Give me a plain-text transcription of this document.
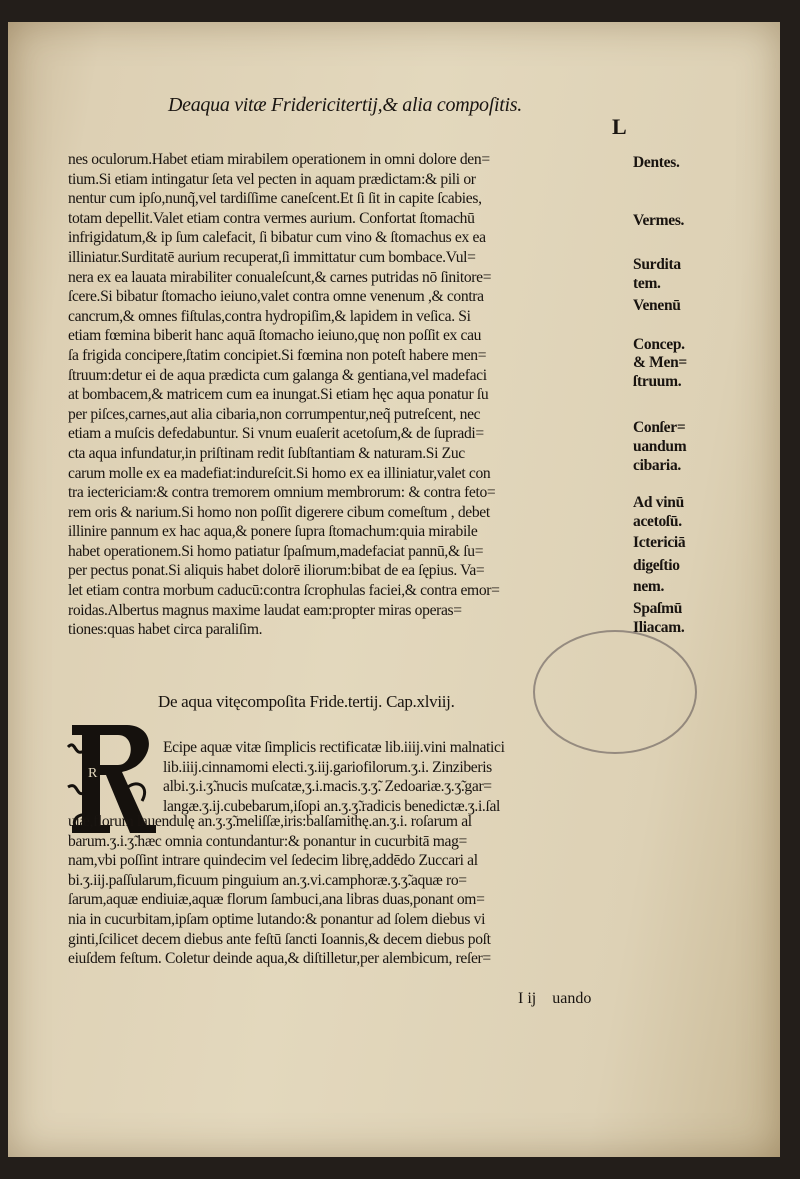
Deaqua vitæ Fridericitertij,& alia compoſitis.
L
nes oculorum.Habet etiam mirabilem operationem in omni dolore den=
tium.Si etiam intingatur ſeta vel pecten in aquam prædictam:& pili or
nentur cum ipſo,nunq̃,vel tardiſſime caneſcent.Et ſi ſit in capite ſcabies,
totam depellit.Valet etiam contra vermes aurium. Confortat ſtomachū
infrigidatum,& ip ſum calefacit, ſi bibatur cum vino & ſtomachus ex ea
illiniatur.Surditatē aurium recuperat,ſi immittatur cum bombace.Vul=
nera ex ea lauata mirabiliter conualeſcunt,& carnes putridas nō ſinitore=
ſcere.Si bibatur ſtomacho ieiuno,valet contra omne venenum ,& contra
cancrum,& omnes fiſtulas,contra hydropiſim,& lapidem in veſica. Si
etiam fœmina biberit hanc aquā ſtomacho ieiuno,quę non poſſit ex cau
ſa frigida concipere,ſtatim concipiet.Si fœmina non poteſt habere men=
ſtruum:detur ei de aqua prædicta cum galanga & gentiana,vel madefaci
at bombacem,& matricem cum ea inungat.Si etiam hęc aqua ponatur ſu
per piſces,carnes,aut alia cibaria,non corrumpentur,neq̃ putreſcent, nec
etiam a muſcis defedabuntur. Si vnum euaſerit acetoſum,& de ſupradi=
cta aqua infundatur,in priſtinam redit ſubſtantiam & naturam.Si Zuc
carum molle ex ea madefiat:indureſcit.Si homo ex ea illiniatur,valet con
tra iectericiam:& contra tremorem omnium membrorum: & contra feto=
rem oris & narium.Si homo non poſſit digerere cibum comeſtum , debet
illinire pannum ex hac aqua,& ponere ſupra ſtomachum:quia mirabile
habet operationem.Si homo patiatur ſpaſmum,madefaciat pannū,& ſu=
per pectus ponat.Si aliquis habet dolorē iliorum:bibat de ea ſępius. Va=
let etiam contra morbum caducū:contra ſcrophulas faciei,& contra emor=
roidas.Albertus magnus maxime laudat eam:propter miras operas=
tiones:quas habet circa paraliſim.
Dentes.
Vermes.
Surdita
tem.
Venenū
Concep.
& Men=
ſtruum.
Conſer=
uandum
cibaria.
Ad vinū
acetoſū.
Ictericiā
digeſtio
nem.
Spaſmū
Iliacam.
De aqua vitęcompoſita Fride.tertij. Cap.xlviij.
R
Ecipe aquæ vitæ ſimplicis rectificatæ lib.iiij.vini malnatici
lib.iiij.cinnamomi electi.ʒ.iij.gariofilorum.ʒ.i. Zinziberis
albi.ʒ.i.ʒ̃.nucis muſcatæ,ʒ.i.macis.ʒ.ʒ̃. Zedoariæ.ʒ.ʒ̃.gar=
langæ.ʒ.ij.cubebarum,iſopi an.ʒ.ʒ̃.radicis benedictæ.ʒ.i.ſal
uiæ,florum lauendulę an.ʒ.ʒ̃.meliſſæ,iris:balſamithę.an.ʒ.i. roſarum al
barum.ʒ.i.ʒ̃.hæc omnia contundantur:& ponantur in cucurbitā mag=
nam,vbi poſſint intrare quindecim vel ſedecim librę,addēdo Zuccari al
bi.ʒ.iij.paſſularum,ficuum pinguium an.ʒ.vi.camphoræ.ʒ.ʒ̃.aquæ ro=
ſarum,aquæ endiuiæ,aquæ florum ſambuci,ana libras duas,ponant om=
nia in cucurbitam,ipſam optime lutando:& ponantur ad ſolem diebus vi
ginti,ſcilicet decem diebus ante feſtū ſancti Ioannis,& decem diebus poſt
eiuſdem feſtum. Coletur deinde aqua,& diſtilletur,per alembicum, reſer=
I ij uando
